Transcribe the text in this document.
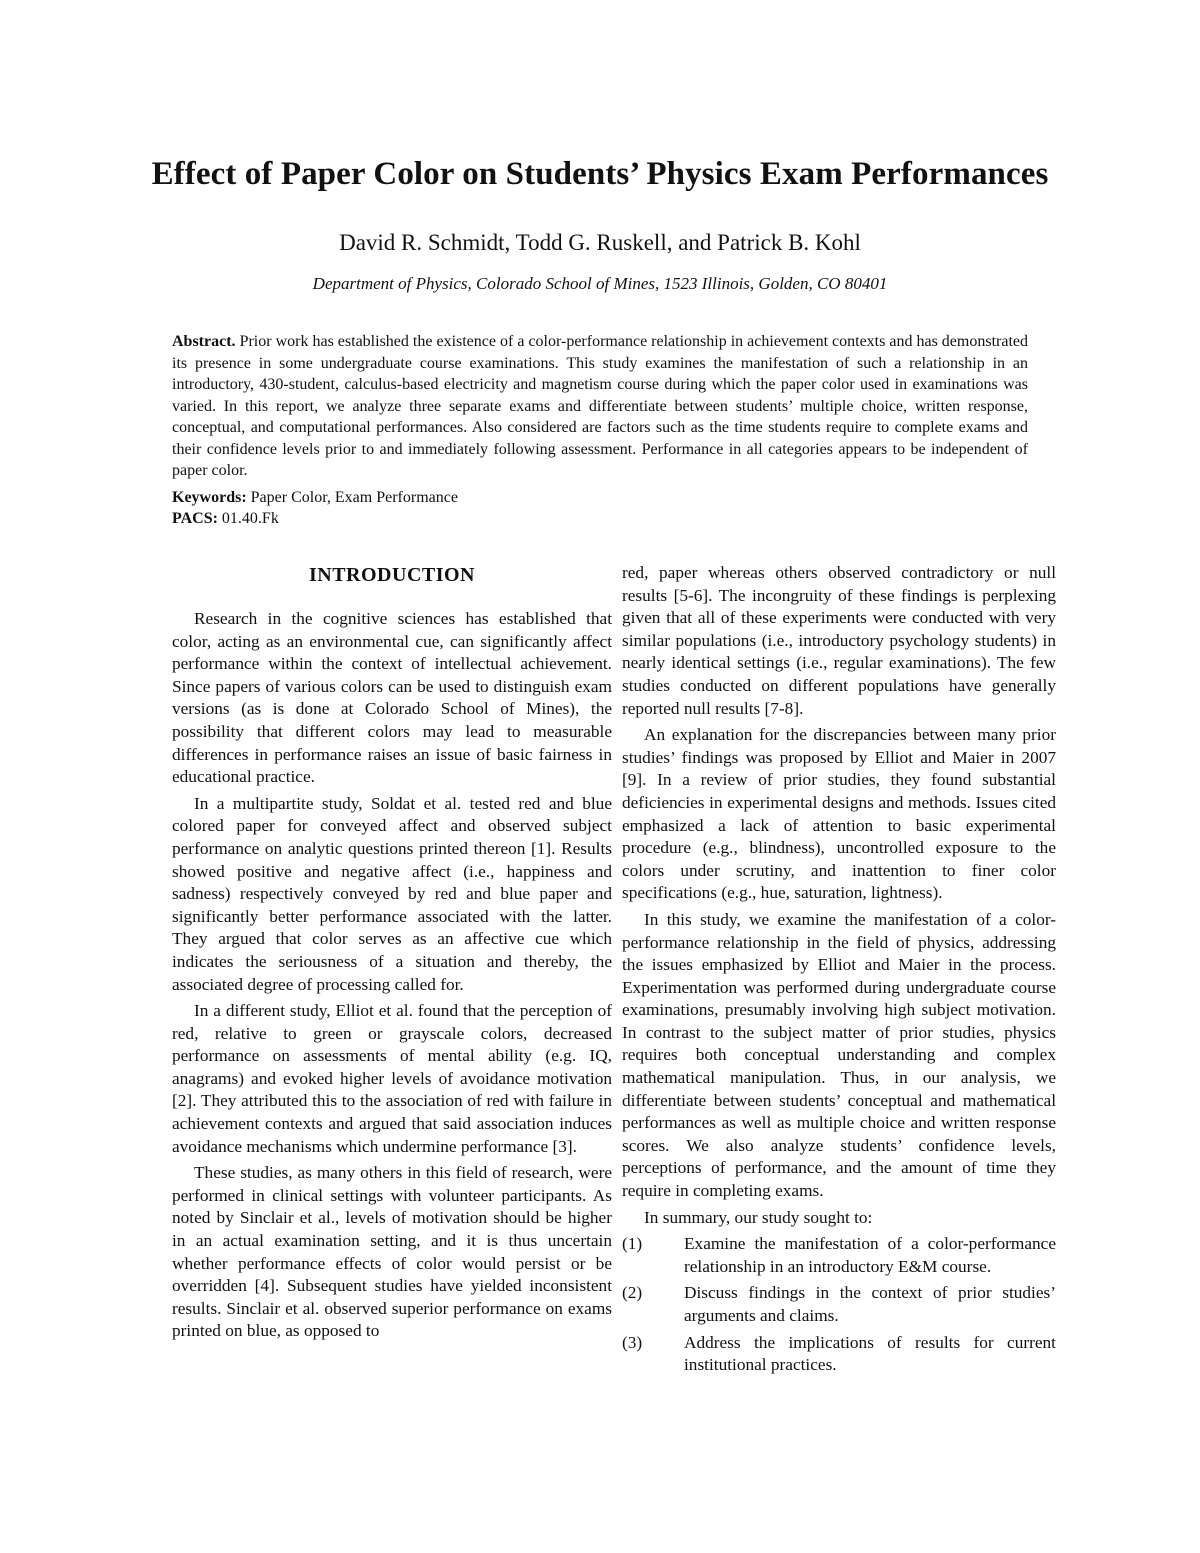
Effect of Paper Color on Students’ Physics Exam Performances
David R. Schmidt, Todd G. Ruskell, and Patrick B. Kohl
Department of Physics, Colorado School of Mines, 1523 Illinois, Golden, CO 80401
Abstract. Prior work has established the existence of a color-performance relationship in achievement contexts and has demonstrated its presence in some undergraduate course examinations. This study examines the manifestation of such a relationship in an introductory, 430-student, calculus-based electricity and magnetism course during which the paper color used in examinations was varied. In this report, we analyze three separate exams and differentiate between students’ multiple choice, written response, conceptual, and computational performances. Also considered are factors such as the time students require to complete exams and their confidence levels prior to and immediately following assessment. Performance in all categories appears to be independent of paper color.
Keywords: Paper Color, Exam Performance
PACS: 01.40.Fk
INTRODUCTION

Research in the cognitive sciences has established that color, acting as an environmental cue, can significantly affect performance within the context of intellectual achievement. Since papers of various colors can be used to distinguish exam versions (as is done at Colorado School of Mines), the possibility that different colors may lead to measurable differences in performance raises an issue of basic fairness in educational practice.

In a multipartite study, Soldat et al. tested red and blue colored paper for conveyed affect and observed subject performance on analytic questions printed thereon [1]. Results showed positive and negative affect (i.e., happiness and sadness) respectively conveyed by red and blue paper and significantly better performance associated with the latter. They argued that color serves as an affective cue which indicates the seriousness of a situation and thereby, the associated degree of processing called for.

In a different study, Elliot et al. found that the perception of red, relative to green or grayscale colors, decreased performance on assessments of mental ability (e.g. IQ, anagrams) and evoked higher levels of avoidance motivation [2]. They attributed this to the association of red with failure in achievement contexts and argued that said association induces avoidance mechanisms which undermine performance [3].

These studies, as many others in this field of research, were performed in clinical settings with volunteer participants. As noted by Sinclair et al., levels of motivation should be higher in an actual examination setting, and it is thus uncertain whether performance effects of color would persist or be overridden [4]. Subsequent studies have yielded inconsistent results. Sinclair et al. observed superior performance on exams printed on blue, as opposed to

red, paper whereas others observed contradictory or null results [5-6]. The incongruity of these findings is perplexing given that all of these experiments were conducted with very similar populations (i.e., introductory psychology students) in nearly identical settings (i.e., regular examinations). The few studies conducted on different populations have generally reported null results [7-8].

An explanation for the discrepancies between many prior studies’ findings was proposed by Elliot and Maier in 2007 [9]. In a review of prior studies, they found substantial deficiencies in experimental designs and methods. Issues cited emphasized a lack of attention to basic experimental procedure (e.g., blindness), uncontrolled exposure to the colors under scrutiny, and inattention to finer color specifications (e.g., hue, saturation, lightness).

In this study, we examine the manifestation of a color-performance relationship in the field of physics, addressing the issues emphasized by Elliot and Maier in the process. Experimentation was performed during undergraduate course examinations, presumably involving high subject motivation. In contrast to the subject matter of prior studies, physics requires both conceptual understanding and complex mathematical manipulation. Thus, in our analysis, we differentiate between students’ conceptual and mathematical performances as well as multiple choice and written response scores. We also analyze students’ confidence levels, perceptions of performance, and the amount of time they require in completing exams.

In summary, our study sought to:

(1)	Examine the manifestation of a color-performance relationship in an introductory E&M course.
(2)	Discuss findings in the context of prior studies’ arguments and claims.
(3)	Address the implications of results for current institutional practices.
